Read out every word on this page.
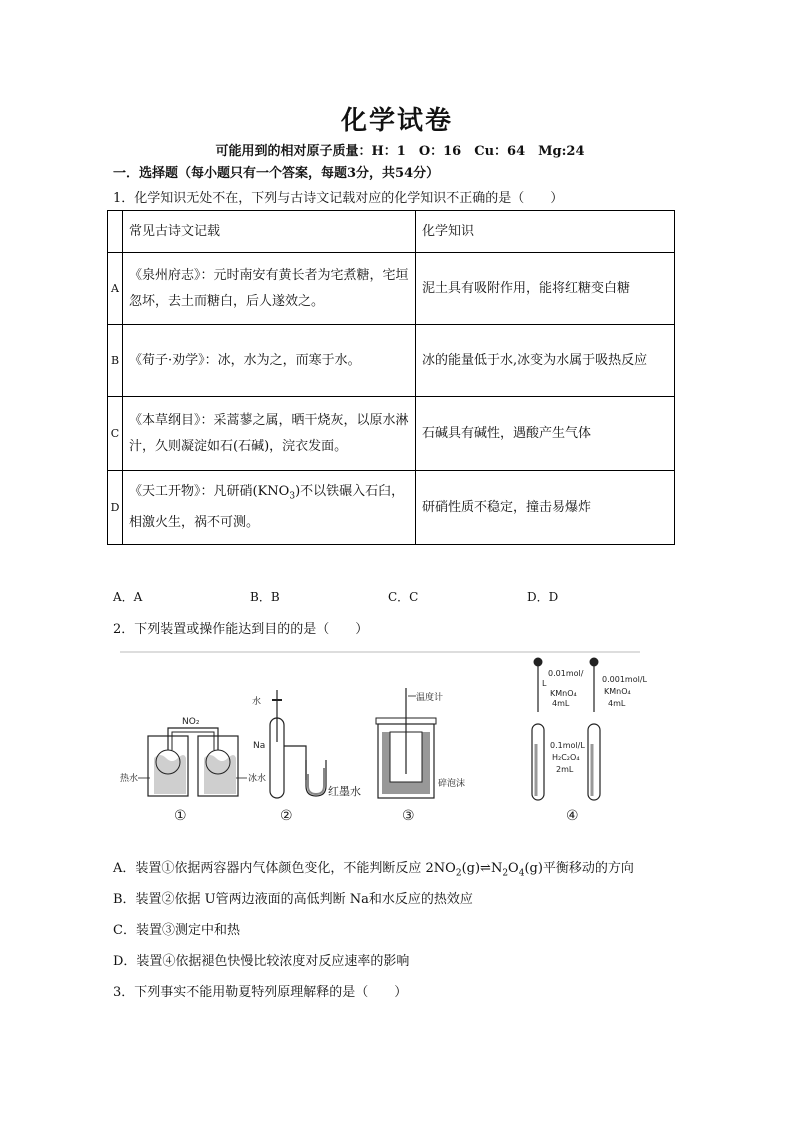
化学试卷
可能用到的相对原子质量：H：1　O：16　Cu：64　Mg:24
一．选择题（每小题只有一个答案，每题3分，共54分）
1．化学知识无处不在，下列与古诗文记载对应的化学知识不正确的是（　　）
	常见古诗文记载	化学知识
A	《泉州府志》：元时南安有黄长者为宅煮糖，宅垣忽坏，去土而糖白，后人遂效之。	泥土具有吸附作用，能将红糖变白糖
B	《荀子·劝学》：冰，水为之，而寒于水。	冰的能量低于水,冰变为水属于吸热反应
C	《本草纲目》：采蒿蓼之属，晒干烧灰，以原水淋汁，久则凝淀如石(石碱)，浣衣发面。	石碱具有碱性，遇酸产生气体
D	《天工开物》：凡研硝$(KNO_3)$不以铁碾入石臼，相激火生，祸不可测。	研硝性质不稳定，撞击易爆炸
A．A	B．B	C．C	D．D
2．下列装置或操作能达到目的的是（　　）
NO₂
热水	冰水
①
水
Na
红墨水
②
温度计
碎泡沫
③
0.01mol/
L
KMnO₄
4mL
0.001mol/L
KMnO₄
4mL
0.1mol/L
H₂C₂O₄
2mL
④
A．装置①依据两容器内气体颜色变化，不能判断反应 $2NO_2(g)\rightleftharpoons N_2O_4(g)$平衡移动的方向
B．装置②依据 U管两边液面的高低判断 Na和水反应的热效应
C．装置③测定中和热
D．装置④依据褪色快慢比较浓度对反应速率的影响
3．下列事实不能用勒夏特列原理解释的是（　　）
